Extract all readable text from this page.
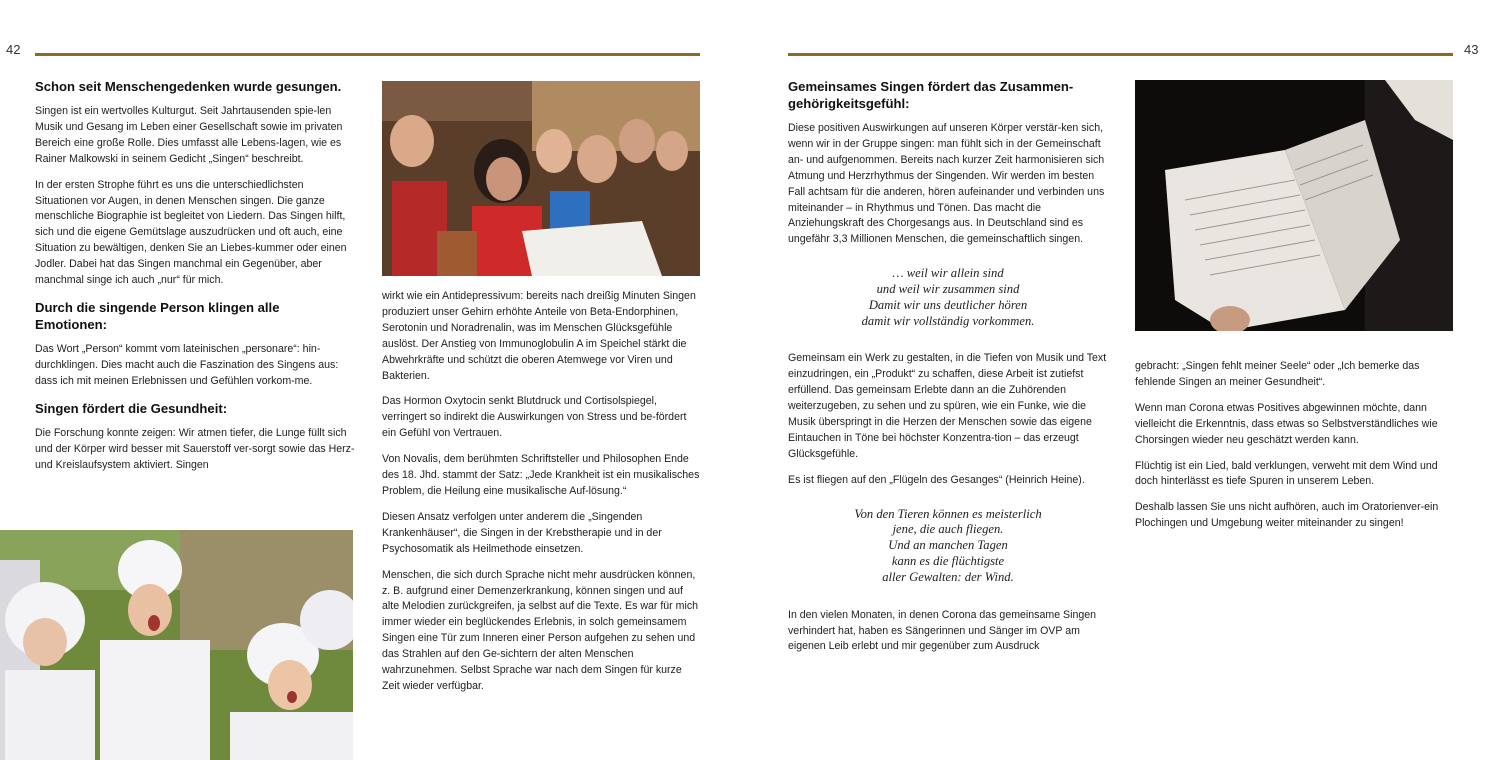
42	43
Schon seit Menschengedenken wurde gesungen.

Singen ist ein wertvolles Kulturgut. Seit Jahrtausenden spie-len Musik und Gesang im Leben einer Gesellschaft sowie im privaten Bereich eine große Rolle. Dies umfasst alle Lebens-lagen, wie es Rainer Malkowski in seinem Gedicht „Singen“ beschreibt.

In der ersten Strophe führt es uns die unterschiedlichsten Situationen vor Augen, in denen Menschen singen. Die ganze menschliche Biographie ist begleitet von Liedern. Das Singen hilft, sich und die eigene Gemütslage auszudrücken und oft auch, eine Situation zu bewältigen, denken Sie an Liebes-kummer oder einen Jodler. Dabei hat das Singen manchmal ein Gegenüber, aber manchmal singe ich auch „nur“ für mich.

Durch die singende Person klingen alle Emotionen:

Das Wort „Person“ kommt vom lateinischen „personare“: hin-durchklingen. Dies macht auch die Faszination des Singens aus: dass ich mit meinen Erlebnissen und Gefühlen vorkom-me.

Singen fördert die Gesundheit:

Die Forschung konnte zeigen: Wir atmen tiefer, die Lunge füllt sich und der Körper wird besser mit Sauerstoff ver-sorgt sowie das Herz- und Kreislaufsystem aktiviert. Singen

wirkt wie ein Antidepressivum: bereits nach dreißig Minuten Singen produziert unser Gehirn erhöhte Anteile von Beta-Endorphinen, Serotonin und Noradrenalin, was im Menschen Glücksgefühle auslöst. Der Anstieg von Immunoglobulin A im Speichel stärkt die Abwehrkräfte und schützt die oberen Atemwege vor Viren und Bakterien.

Das Hormon Oxytocin senkt Blutdruck und Cortisolspiegel, verringert so indirekt die Auswirkungen von Stress und be-fördert ein Gefühl von Vertrauen.

Von Novalis, dem berühmten Schriftsteller und Philosophen Ende des 18. Jhd. stammt der Satz: „Jede Krankheit ist ein musikalisches Problem, die Heilung eine musikalische Auf-lösung.“

Diesen Ansatz verfolgen unter anderem die „Singenden Krankenhäuser“, die Singen in der Krebstherapie und in der Psychosomatik als Heilmethode einsetzen.

Menschen, die sich durch Sprache nicht mehr ausdrücken können, z. B. aufgrund einer Demenzerkrankung, können singen und auf alte Melodien zurückgreifen, ja selbst auf die Texte. Es war für mich immer wieder ein beglückendes Erlebnis, in solch gemeinsamem Singen eine Tür zum Inneren einer Person aufgehen zu sehen und das Strahlen auf den Ge-sichtern der alten Menschen wahrzunehmen. Selbst Sprache war nach dem Singen für kurze Zeit wieder verfügbar.

Gemeinsames Singen fördert das Zusammen-gehörigkeitsgefühl:

Diese positiven Auswirkungen auf unseren Körper verstär-ken sich, wenn wir in der Gruppe singen: man fühlt sich in der Gemeinschaft an- und aufgenommen. Bereits nach kurzer Zeit harmonisieren sich Atmung und Herzrhythmus der Singenden. Wir werden im besten Fall achtsam für die anderen, hören aufeinander und verbinden uns miteinander – in Rhythmus und Tönen. Das macht die Anziehungskraft des Chorgesangs aus. In Deutschland sind es ungefähr 3,3 Millionen Menschen, die gemeinschaftlich singen.

… weil wir allein sind
und weil wir zusammen sind
Damit wir uns deutlicher hören
damit wir vollständig vorkommen.

Gemeinsam ein Werk zu gestalten, in die Tiefen von Musik und Text einzudringen, ein „Produkt“ zu schaffen, diese Arbeit ist zutiefst erfüllend. Das gemeinsam Erlebte dann an die Zuhörenden weiterzugeben, zu sehen und zu spüren, wie ein Funke, wie die Musik überspringt in die Herzen der Menschen sowie das eigene Eintauchen in Töne bei höchster Konzentra-tion – das erzeugt Glücksgefühle.

Es ist fliegen auf den „Flügeln des Gesanges“ (Heinrich Heine).

Von den Tieren können es meisterlich
jene, die auch fliegen.
Und an manchen Tagen
kann es die flüchtigste
aller Gewalten: der Wind.

In den vielen Monaten, in denen Corona das gemeinsame Singen verhindert hat, haben es Sängerinnen und Sänger im OVP am eigenen Leib erlebt und mir gegenüber zum Ausdruck

gebracht: „Singen fehlt meiner Seele“ oder „Ich bemerke das fehlende Singen an meiner Gesundheit“.

Wenn man Corona etwas Positives abgewinnen möchte, dann vielleicht die Erkenntnis, dass etwas so Selbstverständliches wie Chorsingen wieder neu geschätzt werden kann.

Flüchtig ist ein Lied, bald verklungen, verweht mit dem Wind und doch hinterlässt es tiefe Spuren in unserem Leben.

Deshalb lassen Sie uns nicht aufhören, auch im Oratorienver-ein Plochingen und Umgebung weiter miteinander zu singen!
